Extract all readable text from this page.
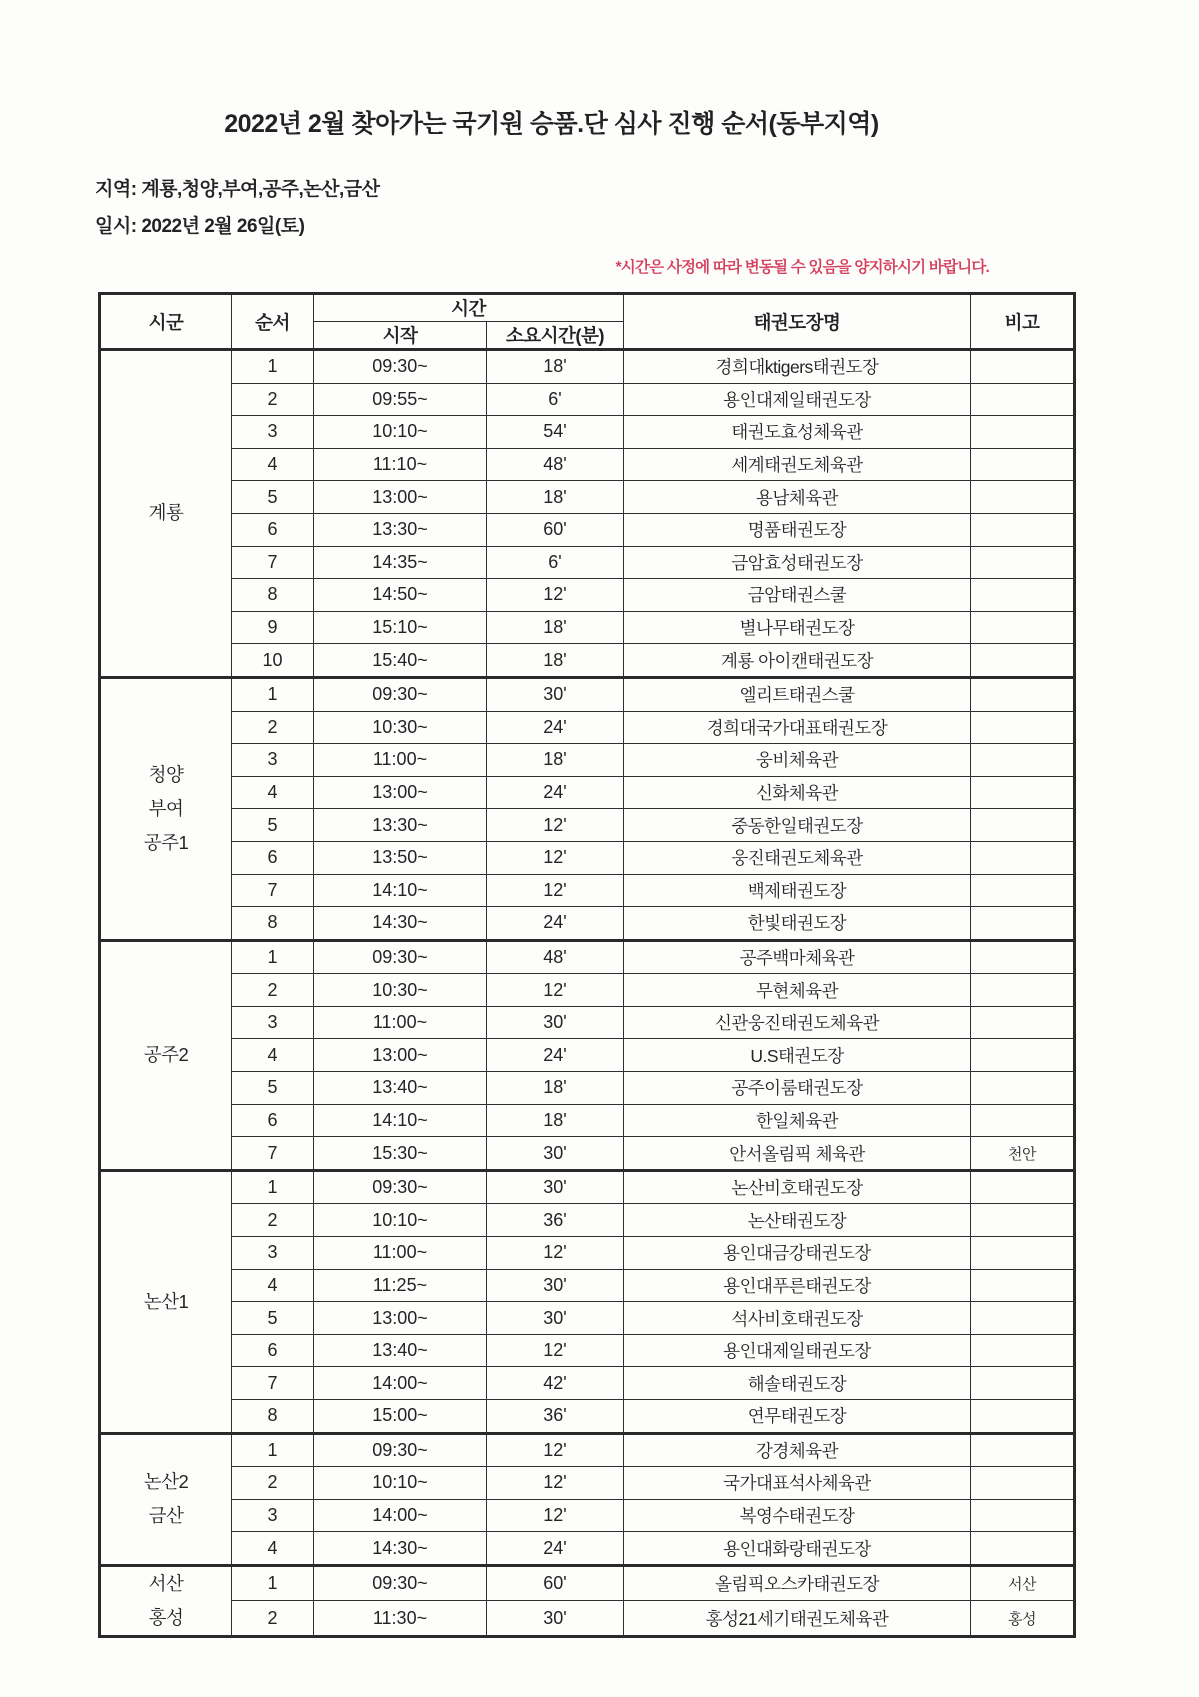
2022년 2월 찾아가는 국기원 승품.단 심사 진행 순서(동부지역)
지역: 계룡,청양,부여,공주,논산,금산
일시: 2022년 2월 26일(토)
*시간은 사정에 따라 변동될 수 있음을 양지하시기 바랍니다.
시군	순서	시간		태권도장명	비고
		시작	소요시간(분)		

계룡	1	09:30~	18'	경희대ktigers태권도장	
	2	09:55~	6'	용인대제일태권도장	
	3	10:10~	54'	태권도효성체육관	
	4	11:10~	48'	세계태권도체육관	
	5	13:00~	18'	용남체육관	
	6	13:30~	60'	명품태권도장	
	7	14:35~	6'	금암효성태권도장	
	8	14:50~	12'	금암태권스쿨	
	9	15:10~	18'	별나무태권도장	
	10	15:40~	18'	계룡 아이캔태권도장	

청양
부여
공주1	1	09:30~	30'	엘리트태권스쿨	
	2	10:30~	24'	경희대국가대표태권도장	
	3	11:00~	18'	웅비체육관	
	4	13:00~	24'	신화체육관	
	5	13:30~	12'	중동한일태권도장	
	6	13:50~	12'	웅진태권도체육관	
	7	14:10~	12'	백제태권도장	
	8	14:30~	24'	한빛태권도장	

공주2	1	09:30~	48'	공주백마체육관	
	2	10:30~	12'	무현체육관	
	3	11:00~	30'	신관웅진태권도체육관	
	4	13:00~	24'	U.S태권도장	
	5	13:40~	18'	공주이룸태권도장	
	6	14:10~	18'	한일체육관	
	7	15:30~	30'	안서올림픽 체육관	천안

논산1	1	09:30~	30'	논산비호태권도장	
	2	10:10~	36'	논산태권도장	
	3	11:00~	12'	용인대금강태권도장	
	4	11:25~	30'	용인대푸른태권도장	
	5	13:00~	30'	석사비호태권도장	
	6	13:40~	12'	용인대제일태권도장	
	7	14:00~	42'	해솔태권도장	
	8	15:00~	36'	연무태권도장	

논산2
금산	1	09:30~	12'	강경체육관	
	2	10:10~	12'	국가대표석사체육관	
	3	14:00~	12'	복영수태권도장	
	4	14:30~	24'	용인대화랑태권도장	

서산
홍성	1	09:30~	60'	올림픽오스카태권도장	서산
	2	11:30~	30'	홍성21세기태권도체육관	홍성
